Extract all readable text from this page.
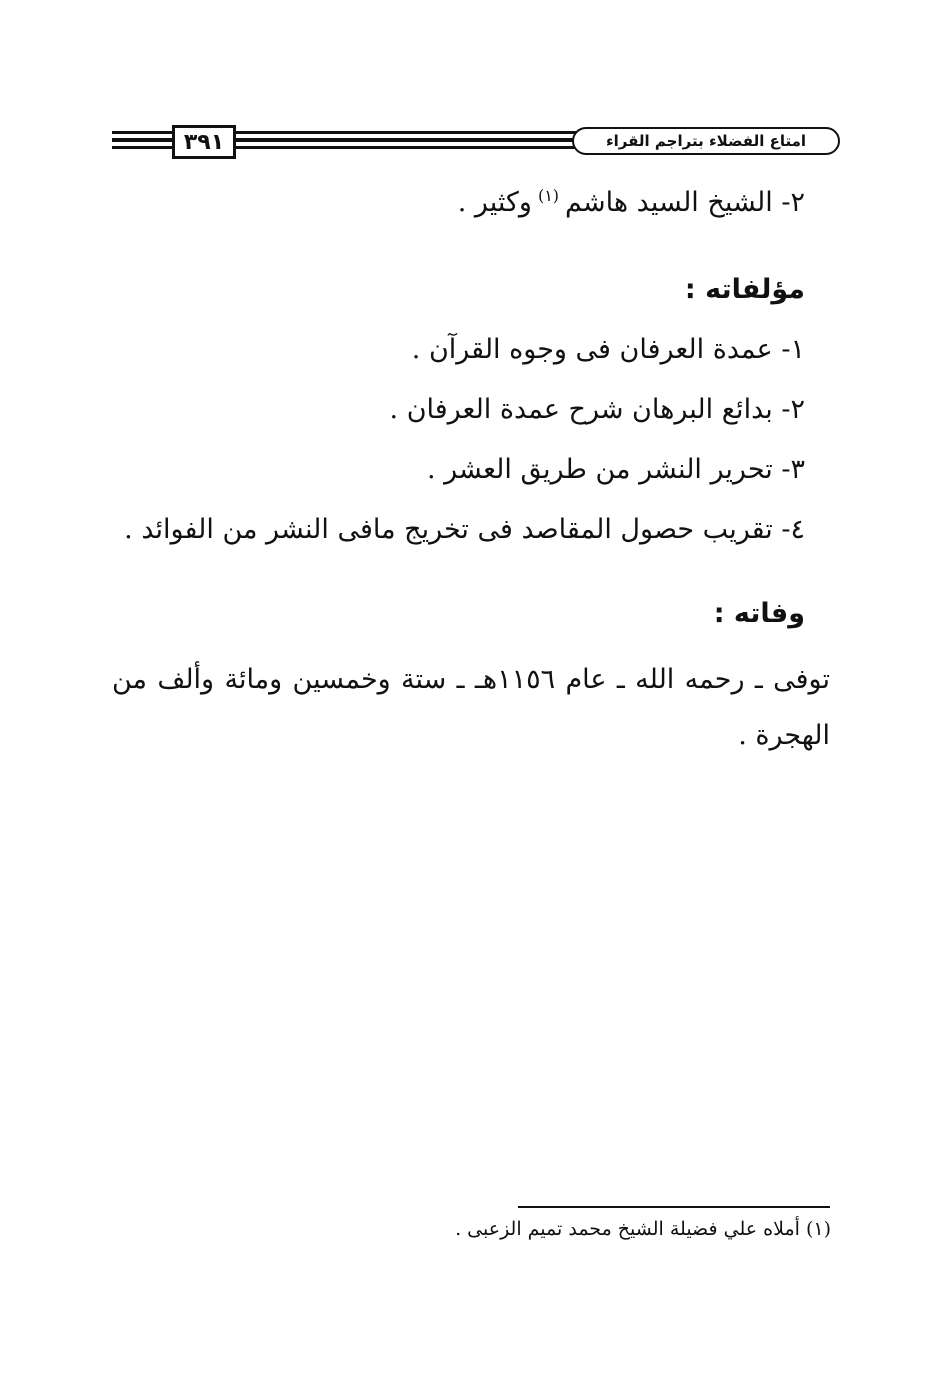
٣٩١	امتاع الفضلاء بتراجم القراء
٢- الشيخ السيد هاشم$^{(١)}$وكثير .
مؤلفاته :
١- عمدة العرفان فى وجوه القرآن .
٢- بدائع البرهان شرح عمدة العرفان .
٣- تحرير النشر من طريق العشر .
٤- تقريب حصول المقاصد فى تخريج مافى النشر من الفوائد .
وفاته :
توفى ـ رحمه الله ـ عام ١١٥٦هـ ـ ستة وخمسين ومائة وألف من الهجرة .
(١) أملاه علي فضيلة الشيخ محمد تميم الزعبى .
